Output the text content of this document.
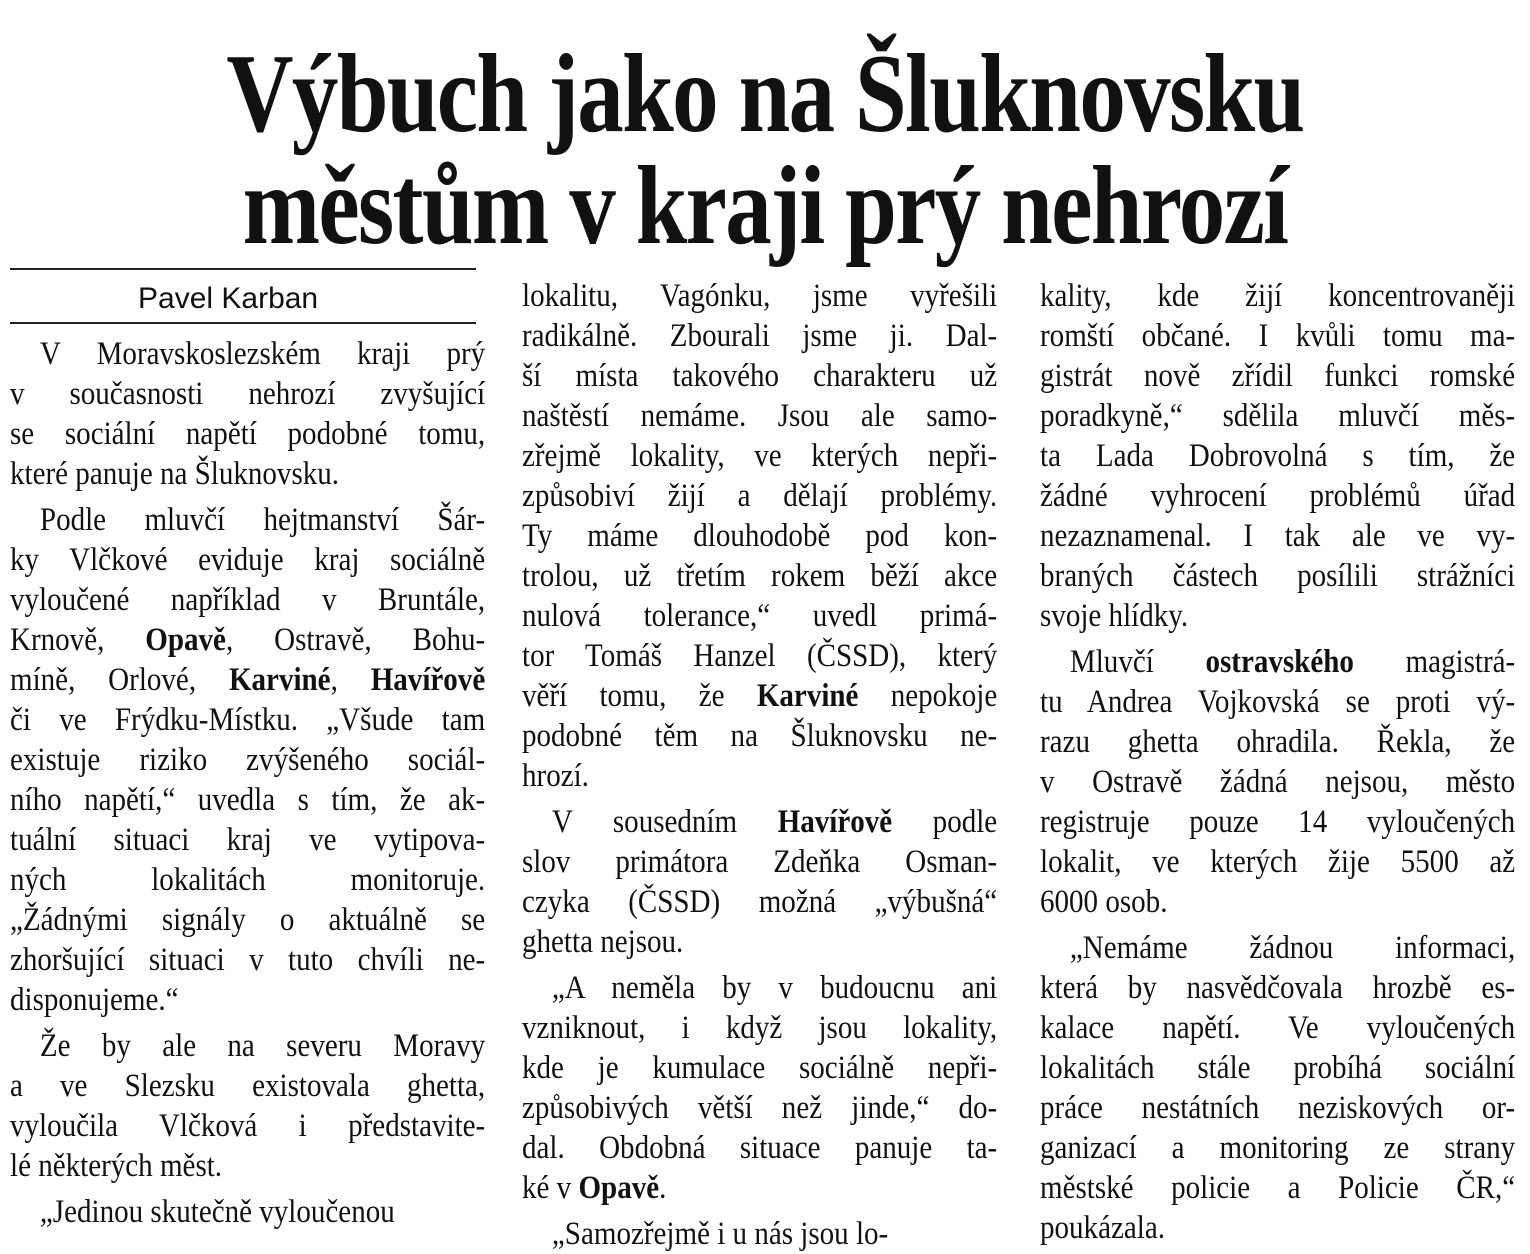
Výbuch jako na Šluknovsku
městům v kraji prý nehrozí
Pavel Karban
V Moravskoslezském kraji prý
v současnosti nehrozí zvyšující
se sociální napětí podobné tomu,
které panuje na Šluknovsku.
Podle mluvčí hejtmanství Šár-
ky Vlčkové eviduje kraj sociálně
vyloučené například v Bruntále,
Krnově, Opavě, Ostravě, Bohu-
míně, Orlové, Karviné, Havířově
či ve Frýdku-Místku. „Všude tam
existuje riziko zvýšeného sociál-
ního napětí,“ uvedla s tím, že ak-
tuální situaci kraj ve vytipova-
ných lokalitách monitoruje.
„Žádnými signály o aktuálně se
zhoršující situaci v tuto chvíli ne-
disponujeme.“
Že by ale na severu Moravy
a ve Slezsku existovala ghetta,
vyloučila Vlčková i představite-
lé některých měst.
„Jedinou skutečně vyloučenou
lokalitu, Vagónku, jsme vyřešili
radikálně. Zbourali jsme ji. Dal-
ší místa takového charakteru už
naštěstí nemáme. Jsou ale samo-
zřejmě lokality, ve kterých nepři-
způsobiví žijí a dělají problémy.
Ty máme dlouhodobě pod kon-
trolou, už třetím rokem běží akce
nulová tolerance,“ uvedl primá-
tor Tomáš Hanzel (ČSSD), který
věří tomu, že Karviné nepokoje
podobné těm na Šluknovsku ne-
hrozí.
V sousedním Havířově podle
slov primátora Zdeňka Osman-
czyka (ČSSD) možná „výbušná“
ghetta nejsou.
„A neměla by v budoucnu ani
vzniknout, i když jsou lokality,
kde je kumulace sociálně nepři-
způsobivých větší než jinde,“ do-
dal. Obdobná situace panuje ta-
ké v Opavě.
„Samozřejmě i u nás jsou lo-
kality, kde žijí koncentrovaněji
romští občané. I kvůli tomu ma-
gistrát nově zřídil funkci romské
poradkyně,“ sdělila mluvčí měs-
ta Lada Dobrovolná s tím, že
žádné vyhrocení problémů úřad
nezaznamenal. I tak ale ve vy-
braných částech posílili strážníci
svoje hlídky.
Mluvčí ostravského magistrá-
tu Andrea Vojkovská se proti vý-
razu ghetta ohradila. Řekla, že
v Ostravě žádná nejsou, město
registruje pouze 14 vyloučených
lokalit, ve kterých žije 5500 až
6000 osob.
„Nemáme žádnou informaci,
která by nasvědčovala hrozbě es-
kalace napětí. Ve vyloučených
lokalitách stále probíhá sociální
práce nestátních neziskových or-
ganizací a monitoring ze strany
městské policie a Policie ČR,“
poukázala.
